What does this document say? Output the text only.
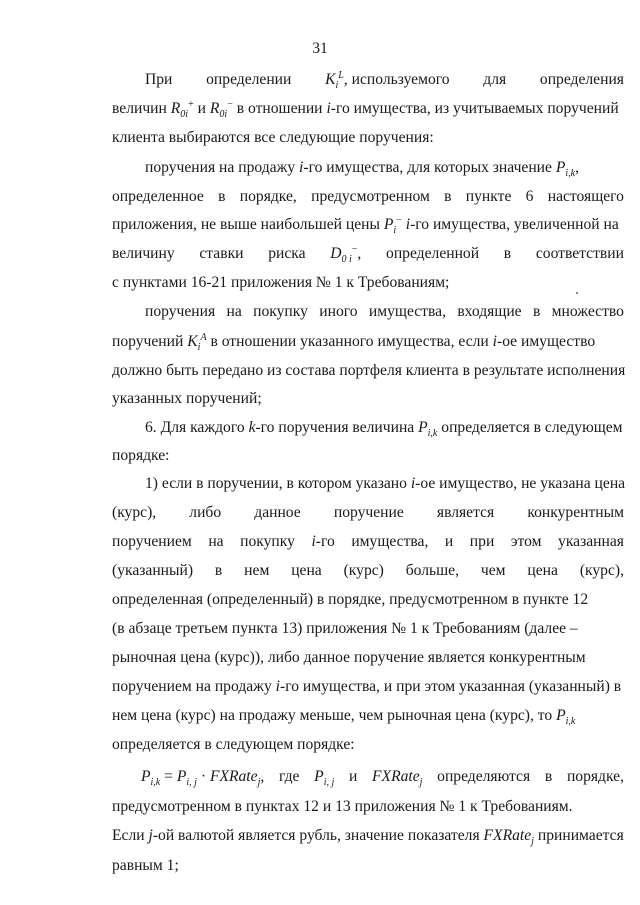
31
При определении $K_i^L$, используемого для определения
величин $R_{0i}^+$ и $R_{0i}^-$ в отношении i-го имущества, из учитываемых поручений
клиента выбираются все следующие поручения:
поручения на продажу i-го имущества, для которых значение $P_{i,k}$,
определенное в порядке, предусмотренном в пункте 6 настоящего
приложения, не выше наибольшей цены $P_i^-$ i-го имущества, увеличенной на
величину ставки риска $D_{0 i}^-$, определенной в соответствии
с пунктами 16-21 приложения № 1 к Требованиям;
поручения на покупку иного имущества, входящие в множество
поручений $K_i^A$ в отношении указанного имущества, если i-ое имущество
должно быть передано из состава портфеля клиента в результате исполнения
указанных поручений;
6. Для каждого k-го поручения величина $P_{i,k}$ определяется в следующем
порядке:
1) если в поручении, в котором указано i-ое имущество, не указана цена
(курс), либо данное поручение является конкурентным
поручением на покупку i-го имущества, и при этом указанная
(указанный) в нем цена (курс) больше, чем цена (курс),
определенная (определенный) в порядке, предусмотренном в пункте 12
(в абзаце третьем пункта 13) приложения № 1 к Требованиям (далее –
рыночная цена (курс)), либо данное поручение является конкурентным
поручением на продажу i-го имущества, и при этом указанная (указанный) в
нем цена (курс) на продажу меньше, чем рыночная цена (курс), то $P_{i,k}$
определяется в следующем порядке:
$P_{i,k} = P_{i, j}$ · FXRate$_j$, где $P_{i, j}$ и FXRate$_j$ определяются в порядке,
предусмотренном в пунктах 12 и 13 приложения № 1 к Требованиям.
Если j-ой валютой является рубль, значение показателя FXRate$_j$ принимается
равным 1;
